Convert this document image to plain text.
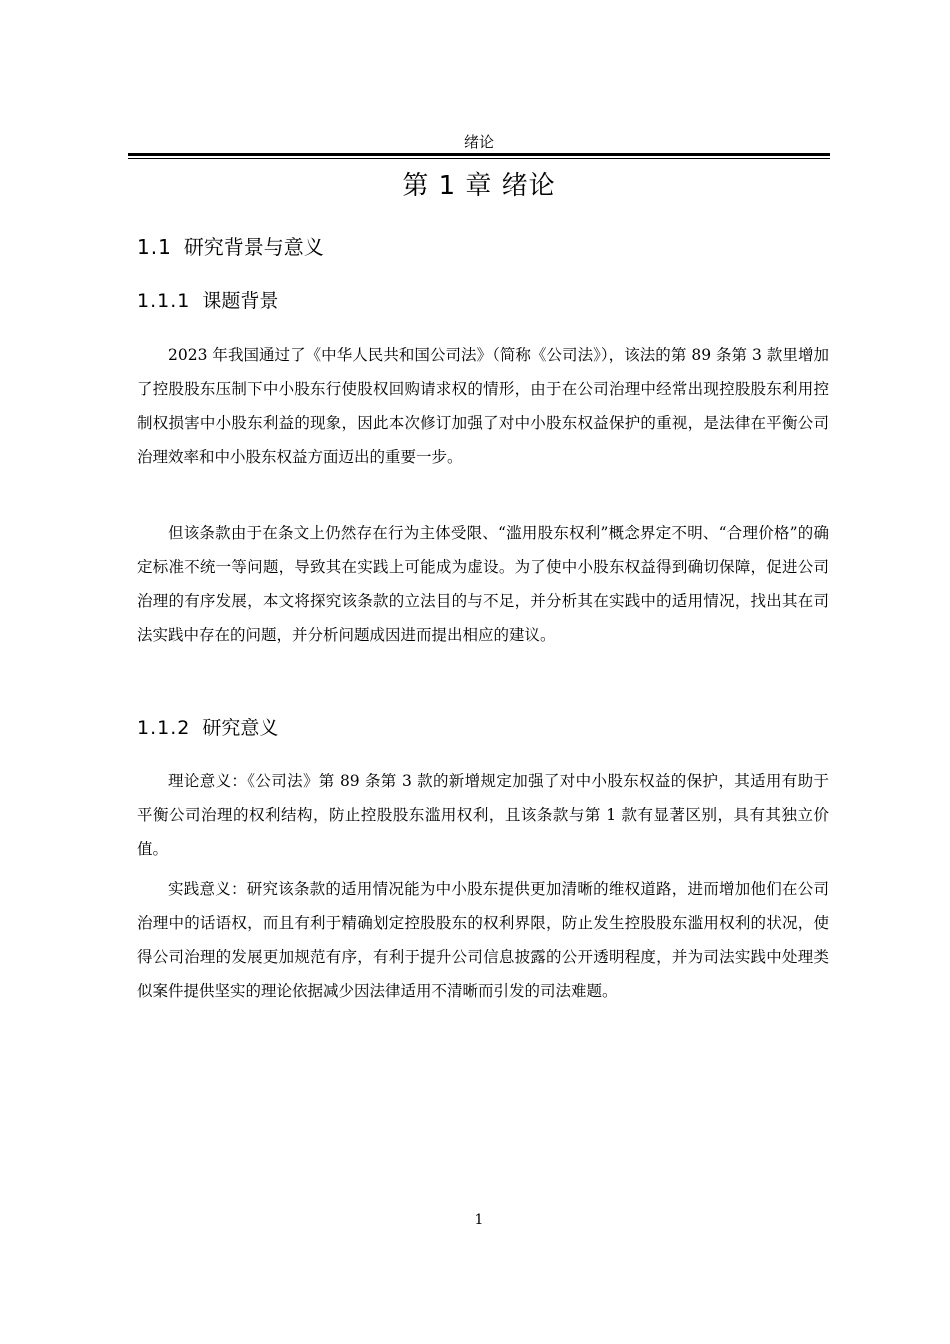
绪论
第 1 章 绪论
1.1 研究背景与意义
1.1.1 课题背景

2023 年我国通过了《中华人民共和国公司法》（简称《公司法》），该法的第 89 条第 3 款里增加了控股股东压制下中小股东行使股权回购请求权的情形，由于在公司治理中经常出现控股股东利用控制权损害中小股东利益的现象，因此本次修订加强了对中小股东权益保护的重视，是法律在平衡公司治理效率和中小股东权益方面迈出的重要一步。

但该条款由于在条文上仍然存在行为主体受限、“滥用股东权利”概念界定不明、“合理价格”的确定标准不统一等问题，导致其在实践上可能成为虚设。为了使中小股东权益得到确切保障，促进公司治理的有序发展，本文将探究该条款的立法目的与不足，并分析其在实践中的适用情况，找出其在司法实践中存在的问题，并分析问题成因进而提出相应的建议。

1.1.2 研究意义

理论意义：《公司法》第 89 条第 3 款的新增规定加强了对中小股东权益的保护，其适用有助于平衡公司治理的权利结构，防止控股股东滥用权利，且该条款与第 1 款有显著区别，具有其独立价值。

实践意义：研究该条款的适用情况能为中小股东提供更加清晰的维权道路，进而增加他们在公司治理中的话语权，而且有利于精确划定控股股东的权利界限，防止发生控股股东滥用权利的状况，使得公司治理的发展更加规范有序，有利于提升公司信息披露的公开透明程度，并为司法实践中处理类似案件提供坚实的理论依据减少因法律适用不清晰而引发的司法难题。

1
